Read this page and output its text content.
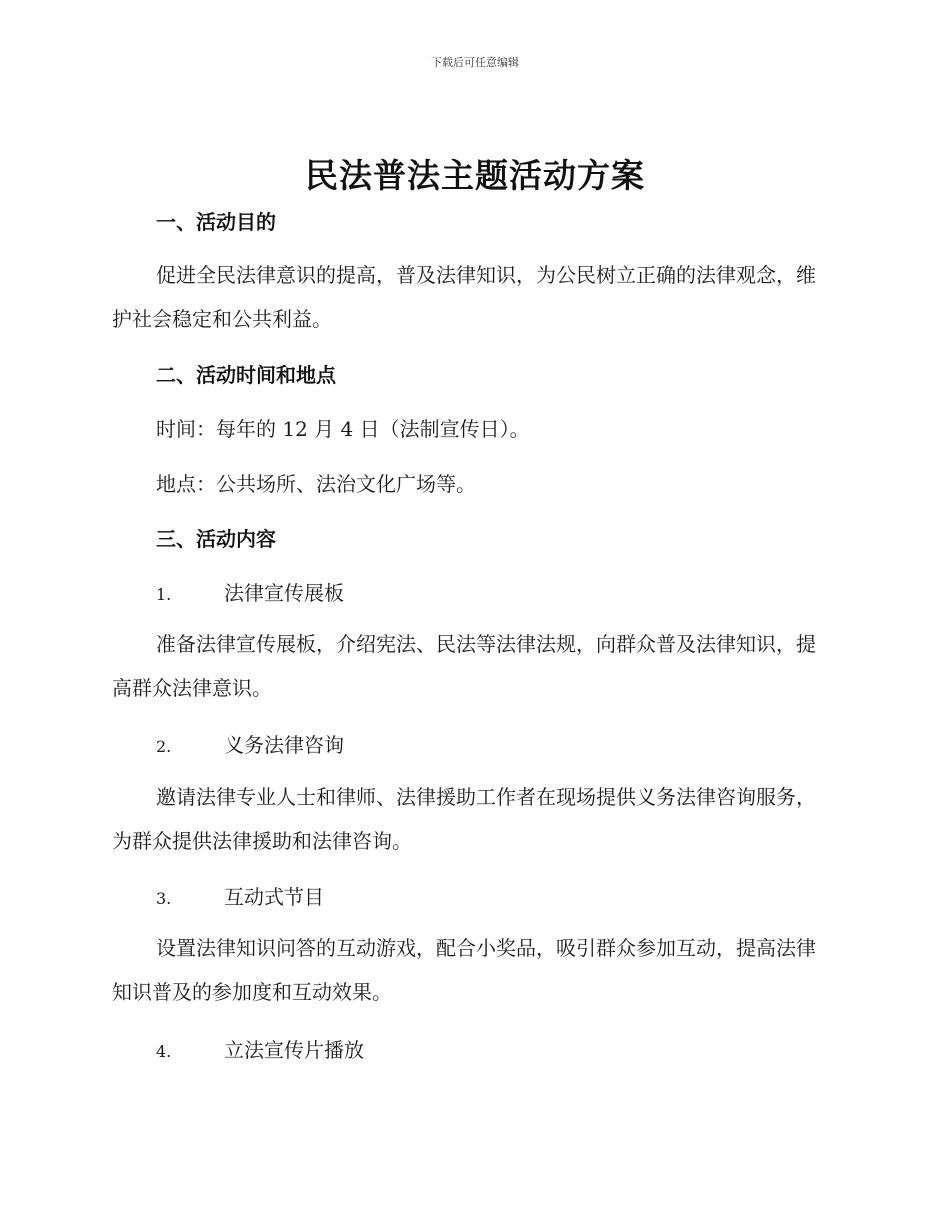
下载后可任意编辑
民法普法主题活动方案
一、活动目的
促进全民法律意识的提高，普及法律知识，为公民树立正确的法律观念，维护社会稳定和公共利益。
二、活动时间和地点
时间：每年的 12 月 4 日（法制宣传日）。
地点：公共场所、法治文化广场等。
三、活动内容
1.	法律宣传展板
准备法律宣传展板，介绍宪法、民法等法律法规，向群众普及法律知识，提高群众法律意识。
2.	义务法律咨询
邀请法律专业人士和律师、法律援助工作者在现场提供义务法律咨询服务，为群众提供法律援助和法律咨询。
3.	互动式节目
设置法律知识问答的互动游戏，配合小奖品，吸引群众参加互动，提高法律知识普及的参加度和互动效果。
4.	立法宣传片播放
